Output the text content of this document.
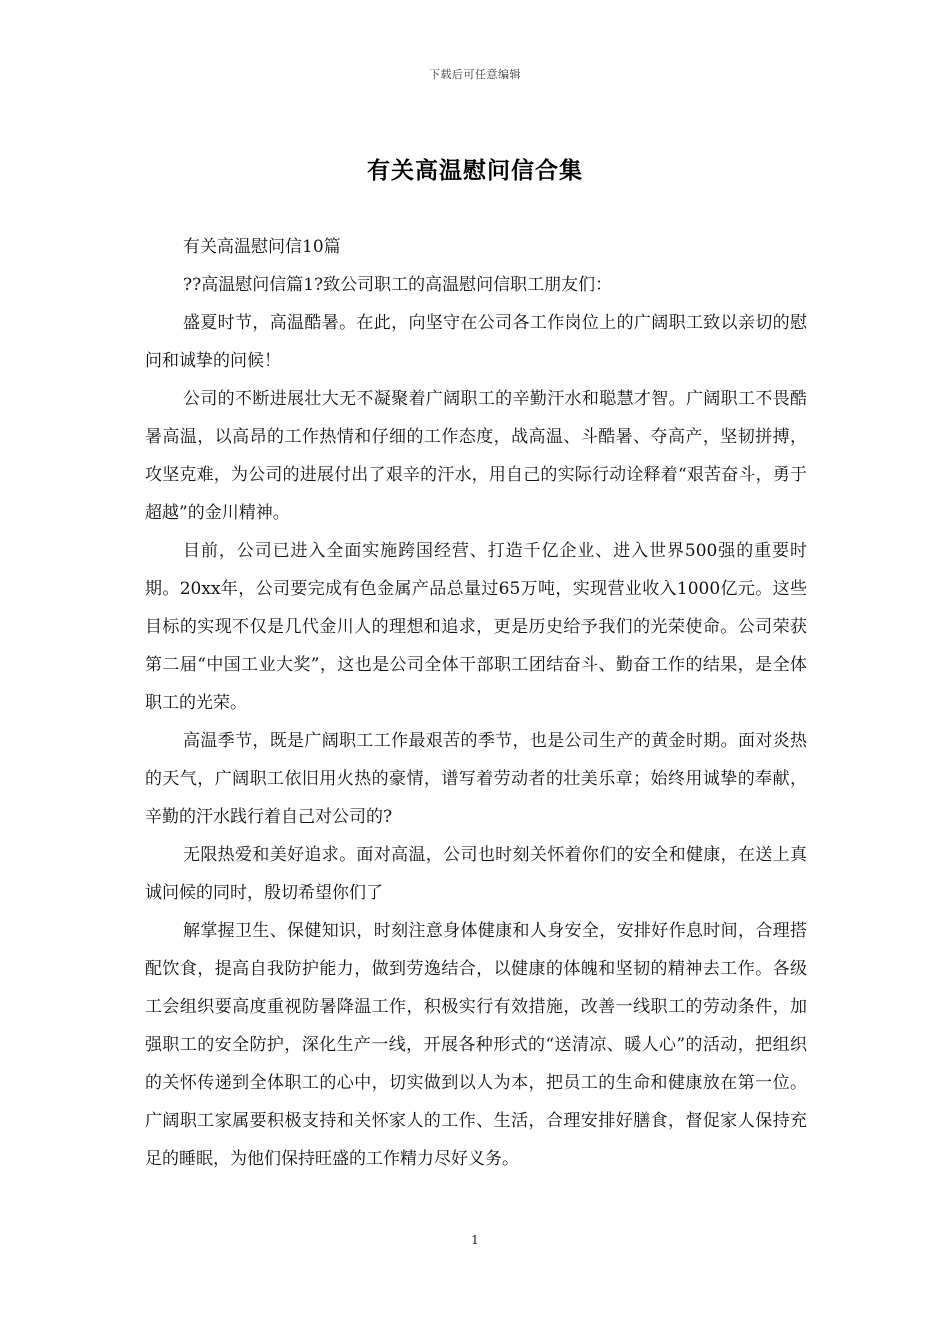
下载后可任意编辑
有关高温慰问信合集

有关高温慰问信10篇

??高温慰问信篇1?致公司职工的高温慰问信职工朋友们：

盛夏时节，高温酷暑。在此，向坚守在公司各工作岗位上的广阔职工致以亲切的慰问和诚挚的问候！

公司的不断进展壮大无不凝聚着广阔职工的辛勤汗水和聪慧才智。广阔职工不畏酷暑高温，以高昂的工作热情和仔细的工作态度，战高温、斗酷暑、夺高产，坚韧拼搏，攻坚克难，为公司的进展付出了艰辛的汗水，用自己的实际行动诠释着“艰苦奋斗，勇于超越”的金川精神。

目前，公司已进入全面实施跨国经营、打造千亿企业、进入世界500强的重要时期。20xx年，公司要完成有色金属产品总量过65万吨，实现营业收入1000亿元。这些目标的实现不仅是几代金川人的理想和追求，更是历史给予我们的光荣使命。公司荣获第二届“中国工业大奖”，这也是公司全体干部职工团结奋斗、勤奋工作的结果，是全体职工的光荣。

高温季节，既是广阔职工工作最艰苦的季节，也是公司生产的黄金时期。面对炎热的天气，广阔职工依旧用火热的豪情，谱写着劳动者的壮美乐章；始终用诚挚的奉献，辛勤的汗水践行着自己对公司的?

无限热爱和美好追求。面对高温，公司也时刻关怀着你们的安全和健康，在送上真诚问候的同时，殷切希望你们了

解掌握卫生、保健知识，时刻注意身体健康和人身安全，安排好作息时间，合理搭配饮食，提高自我防护能力，做到劳逸结合，以健康的体魄和坚韧的精神去工作。各级工会组织要高度重视防暑降温工作，积极实行有效措施，改善一线职工的劳动条件，加强职工的安全防护，深化生产一线，开展各种形式的“送清凉、暖人心”的活动，把组织的关怀传递到全体职工的心中，切实做到以人为本，把员工的生命和健康放在第一位。广阔职工家属要积极支持和关怀家人的工作、生活，合理安排好膳食，督促家人保持充足的睡眠，为他们保持旺盛的工作精力尽好义务。

1
